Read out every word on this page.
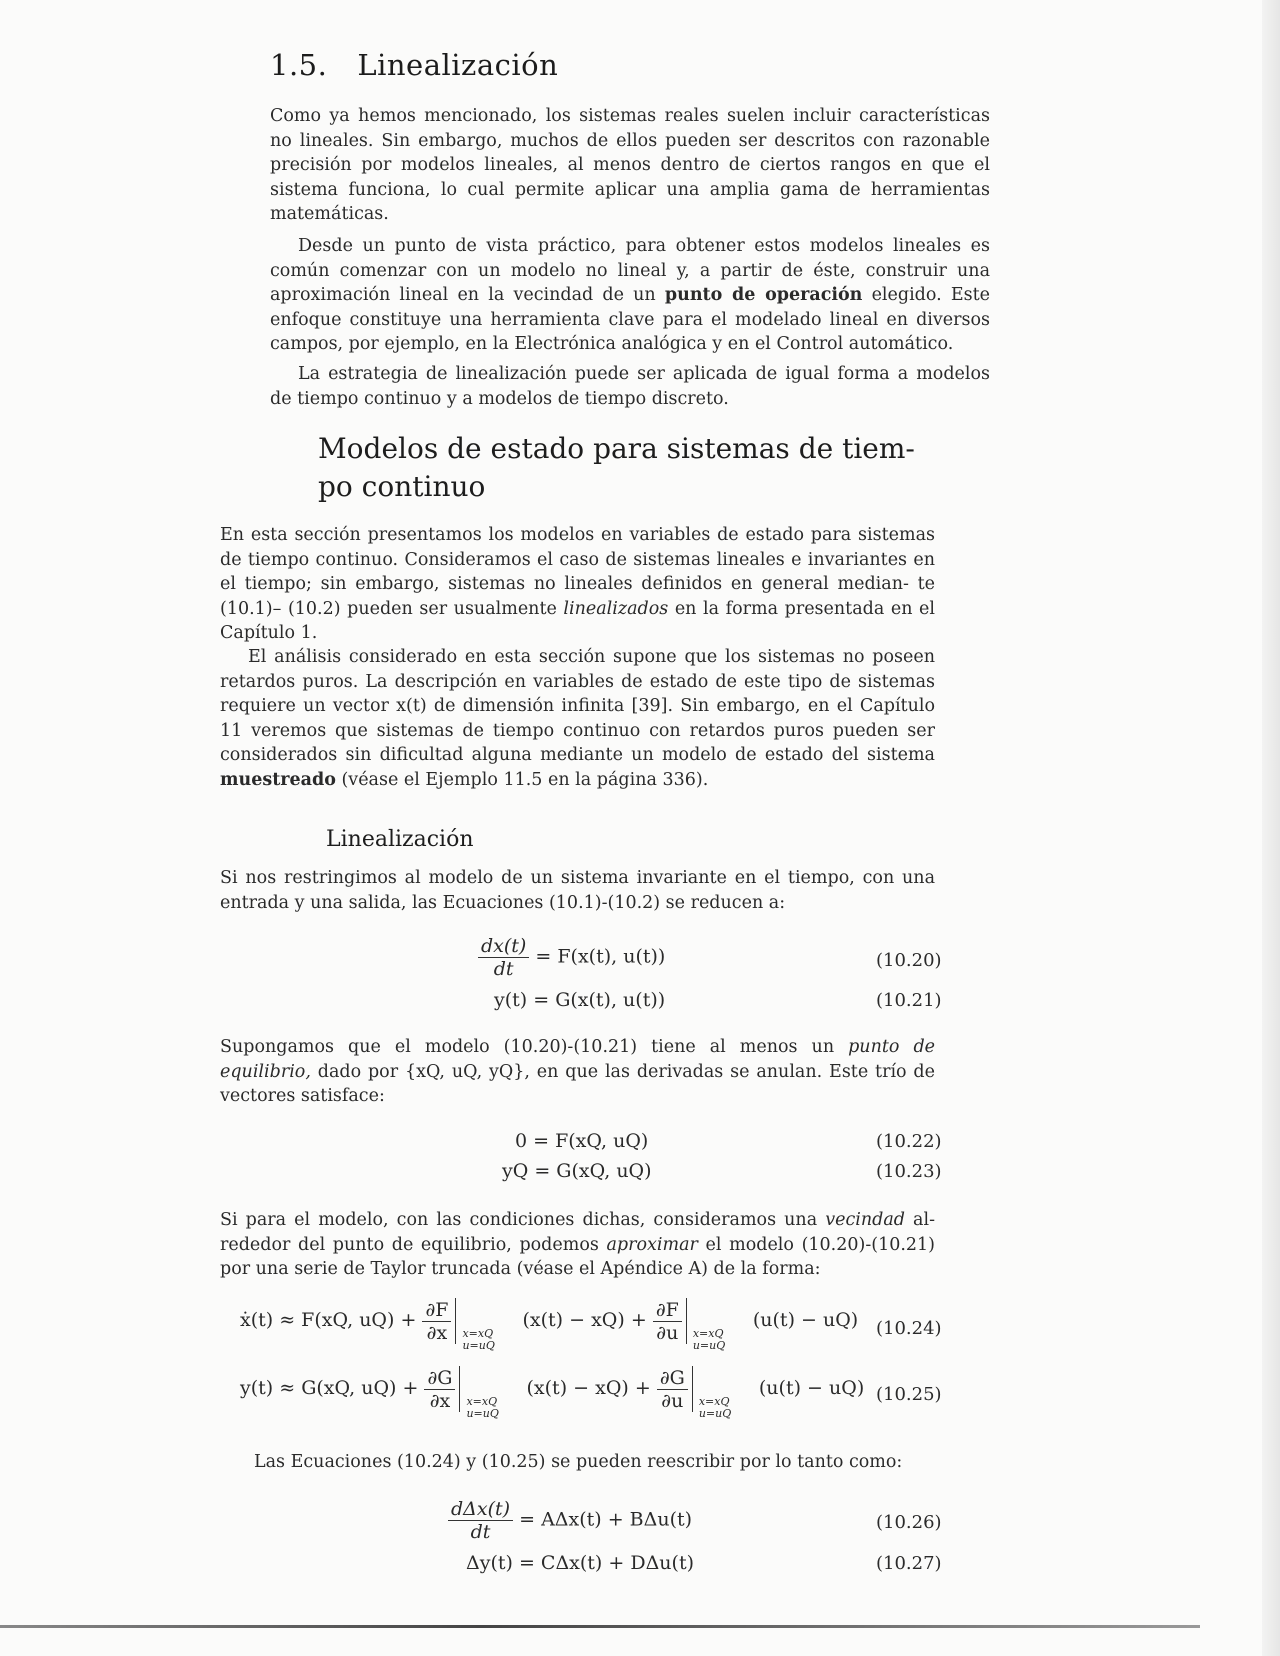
1.5. Linealización
Como ya hemos mencionado, los sistemas reales suelen incluir características no lineales. Sin embargo, muchos de ellos pueden ser descritos con razonable precisión por modelos lineales, al menos dentro de ciertos rangos en que el sistema funciona, lo cual permite aplicar una amplia gama de herramientas matemáticas.
Desde un punto de vista práctico, para obtener estos modelos lineales es común comenzar con un modelo no lineal y, a partir de éste, construir una aproximación lineal en la vecindad de un punto de operación elegido. Este enfoque constituye una herramienta clave para el modelado lineal en diversos campos, por ejemplo, en la Electrónica analógica y en el Control automático.
La estrategia de linealización puede ser aplicada de igual forma a modelos de tiempo continuo y a modelos de tiempo discreto.
Modelos de estado para sistemas de tiem-
po continuo
En esta sección presentamos los modelos en variables de estado para sistemas de tiempo continuo. Consideramos el caso de sistemas lineales e invariantes en el tiempo; sin embargo, sistemas no lineales definidos en general median- te (10.1)– (10.2) pueden ser usualmente linealizados en la forma presentada en el Capítulo 1.
El análisis considerado en esta sección supone que los sistemas no poseen retardos puros. La descripción en variables de estado de este tipo de sistemas requiere un vector x(t) de dimensión infinita [39]. Sin embargo, en el Capítulo 11 veremos que sistemas de tiempo continuo con retardos puros pueden ser considerados sin dificultad alguna mediante un modelo de estado del sistema muestreado (véase el Ejemplo 11.5 en la página 336).
Linealización
Si nos restringimos al modelo de un sistema invariante en el tiempo, con una entrada y una salida, las Ecuaciones (10.1)-(10.2) se reducen a:
$\frac{dx(t)}{dt} = F(x(t)$, u(t))	(10.20)
y(t) = G(x(t), u(t))	(10.21)
Supongamos que el modelo (10.20)-(10.21) tiene al menos un punto de equilibrio, dado por {xQ, uQ, yQ}, en que las derivadas se anulan. Este trío de vectores satisface:
0 = F(xQ, uQ)	(10.22)
yQ = G(xQ, uQ)	(10.23)
Si para el modelo, con las condiciones dichas, consideramos una vecindad al- rededor del punto de equilibrio, podemos aproximar el modelo (10.20)-(10.21) por una serie de Taylor truncada (véase el Apéndice A) de la forma:
ẋ(t) ≈ F(xQ, $uQ) + \frac{\partial F}{\partial x} x=xQ$
u=uQ
$(x(t) - xQ) + \frac{\partial F}{\partial u} x=xQ$
u=uQ
(u(t) − uQ) (10.24)
y(t) ≈ G(xQ, $uQ) + \frac{\partial G}{\partial x} x=xQ$
u=uQ
$(x(t) - xQ) + \frac{\partial G}{\partial u} x=xQ$
u=uQ
(u(t) − uQ) (10.25)
Las Ecuaciones (10.24) y (10.25) se pueden reescribir por lo tanto como:
$\frac{\text{dΔx(t)}}{dt} = A\Delta x(t) + B\Delta u(t)$	(10.26)
Δy(t) = CΔx(t) + DΔu(t)	(10.27)
